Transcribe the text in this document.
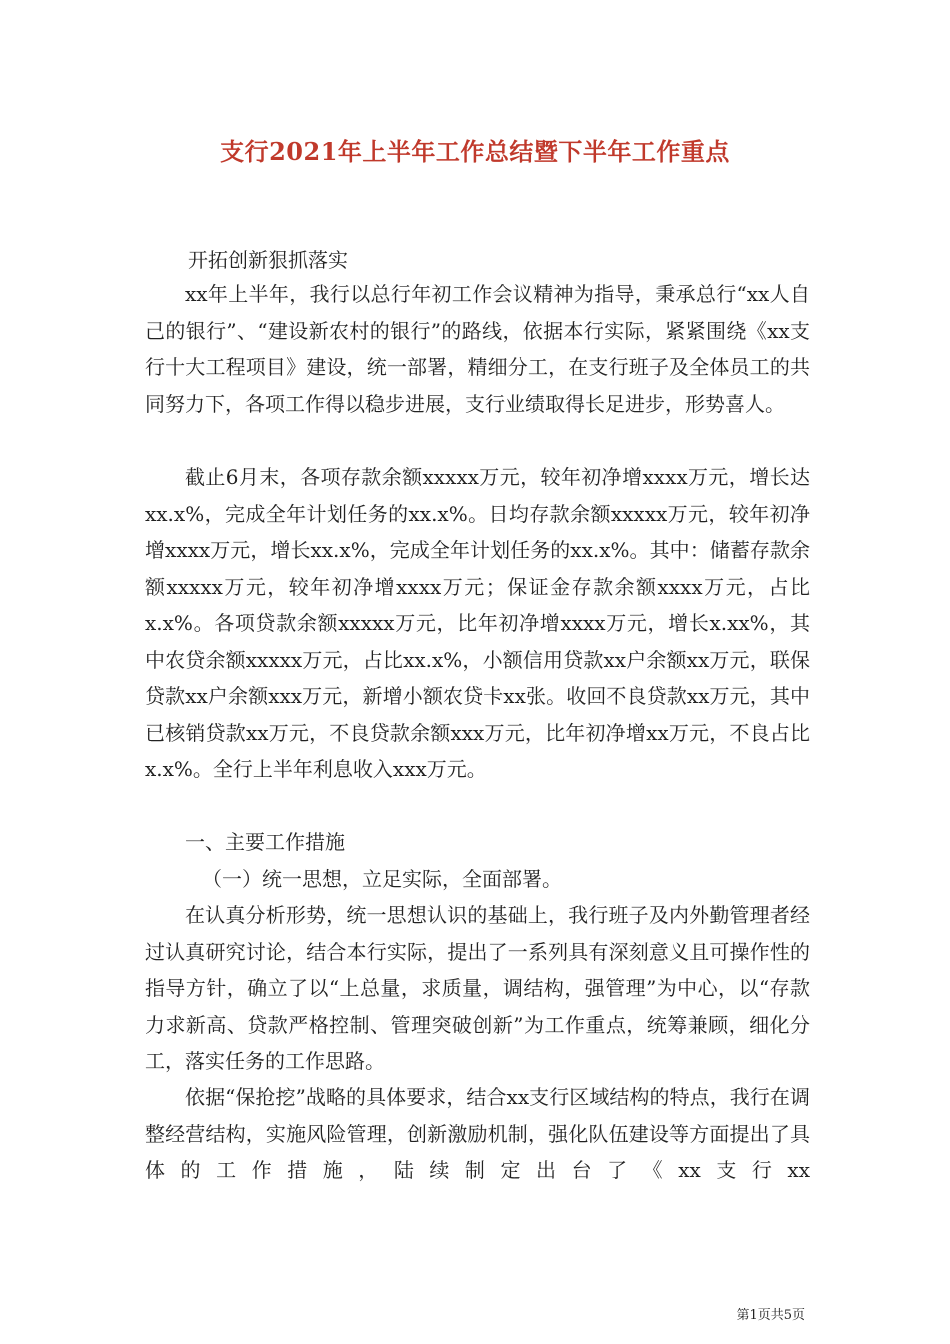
支行2021年上半年工作总结暨下半年工作重点

开拓创新狠抓落实

xx年上半年，我行以总行年初工作会议精神为指导，秉承总行“xx人自己的银行”、“建设新农村的银行”的路线，依据本行实际，紧紧围绕《xx支行十大工程项目》建设，统一部署，精细分工，在支行班子及全体员工的共同努力下，各项工作得以稳步进展，支行业绩取得长足进步，形势喜人。

截止6月末，各项存款余额xxxxx万元，较年初净增xxxx万元，增长达xx.x%，完成全年计划任务的xx.x%。日均存款余额xxxxx万元，较年初净增xxxx万元，增长xx.x%，完成全年计划任务的xx.x%。其中：储蓄存款余额xxxxx万元，较年初净增xxxx万元；保证金存款余额xxxx万元，占比x.x%。各项贷款余额xxxxx万元，比年初净增xxxx万元，增长x.xx%，其中农贷余额xxxxx万元，占比xx.x%，小额信用贷款xx户余额xx万元，联保贷款xx户余额xxx万元，新增小额农贷卡xx张。收回不良贷款xx万元，其中已核销贷款xx万元，不良贷款余额xxx万元，比年初净增xx万元，不良占比x.x%。全行上半年利息收入xxx万元。

一、主要工作措施

（一）统一思想，立足实际，全面部署。

在认真分析形势，统一思想认识的基础上，我行班子及内外勤管理者经过认真研究讨论，结合本行实际，提出了一系列具有深刻意义且可操作性的指导方针，确立了以“上总量，求质量，调结构，强管理”为中心，以“存款力求新高、贷款严格控制、管理突破创新”为工作重点，统筹兼顾，细化分工，落实任务的工作思路。

依据“保抢挖”战略的具体要求，结合xx支行区域结构的特点，我行在调整经营结构，实施风险管理，创新激励机制，强化队伍建设等方面提出了具体的工作措施，陆续制定出台了《xx支行xx

第1页共5页
